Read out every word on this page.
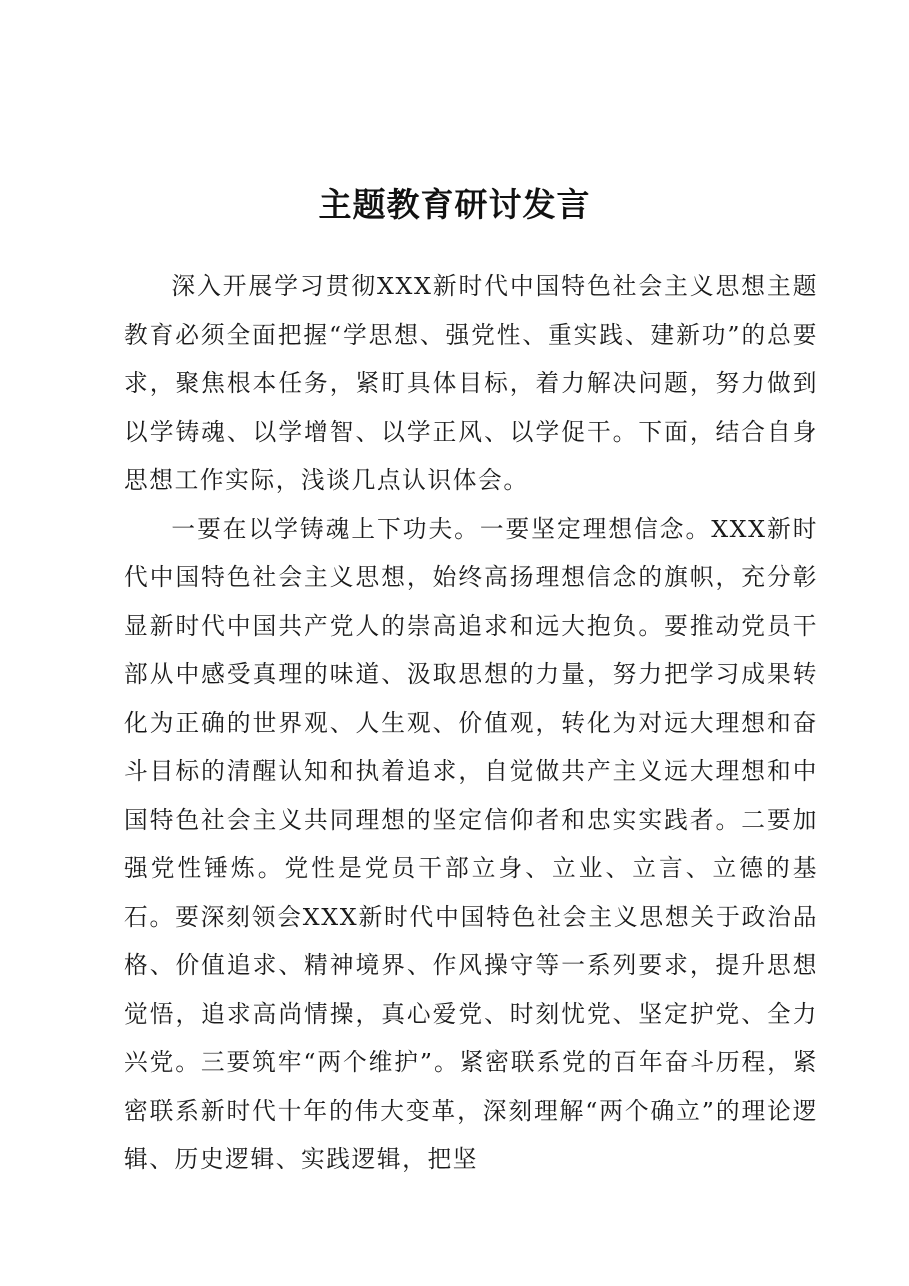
主题教育研讨发言

深入开展学习贯彻XXX新时代中国特色社会主义思想主题教育必须全面把握“学思想、强党性、重实践、建新功”的总要求，聚焦根本任务，紧盯具体目标，着力解决问题，努力做到以学铸魂、以学增智、以学正风、以学促干。下面，结合自身思想工作实际，浅谈几点认识体会。

一要在以学铸魂上下功夫。一要坚定理想信念。XXX新时代中国特色社会主义思想，始终高扬理想信念的旗帜，充分彰显新时代中国共产党人的崇高追求和远大抱负。要推动党员干部从中感受真理的味道、汲取思想的力量，努力把学习成果转化为正确的世界观、人生观、价值观，转化为对远大理想和奋斗目标的清醒认知和执着追求，自觉做共产主义远大理想和中国特色社会主义共同理想的坚定信仰者和忠实实践者。二要加强党性锤炼。党性是党员干部立身、立业、立言、立德的基石。要深刻领会XXX新时代中国特色社会主义思想关于政治品格、价值追求、精神境界、作风操守等一系列要求，提升思想觉悟，追求高尚情操，真心爱党、时刻忧党、坚定护党、全力兴党。三要筑牢“两个维护”。紧密联系党的百年奋斗历程，紧密联系新时代十年的伟大变革，深刻理解“两个确立”的理论逻辑、历史逻辑、实践逻辑，把坚
